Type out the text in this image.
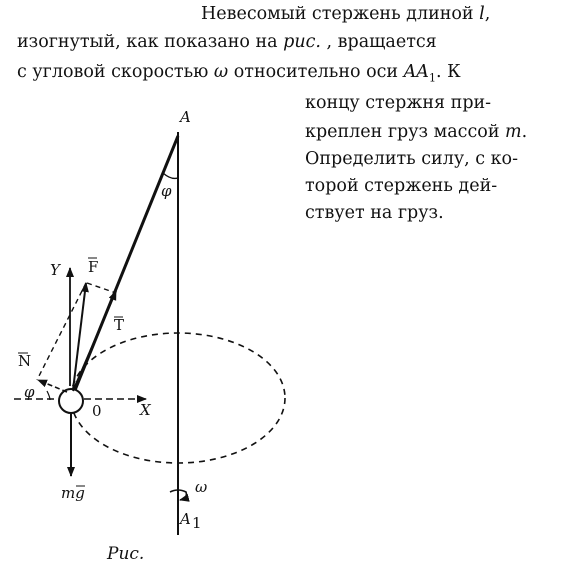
Невесомый стержень длиной l,
изогнутый, как показано на рис. , вращается
с угловой скоростью ω относительно оси $AA_1$. К
концу стержня при-
креплен груз массой m.
Определить силу, с ко-
торой стержень дей-
ствует на груз.
A
φ
Y F
T
N
φ
0	X
mg	ω
A 1
Рис.
